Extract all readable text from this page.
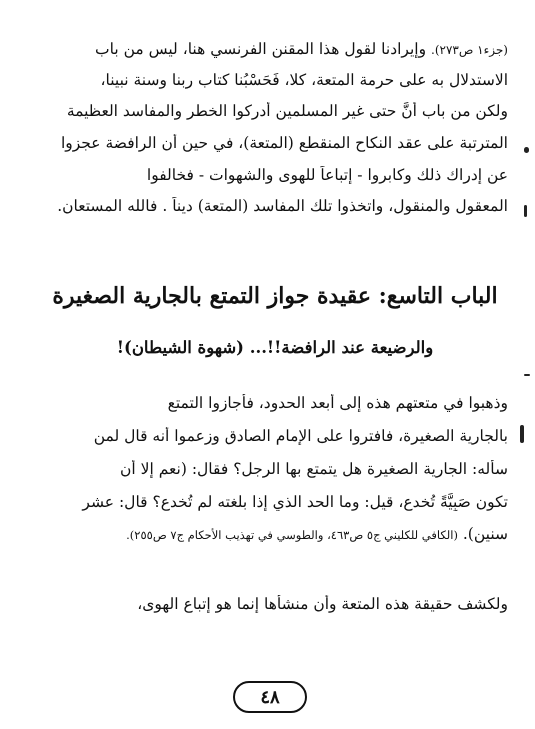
(جزء١ ص٢٧٣). وإيرادنا لقول هذا المقنن الفرنسي هنا، ليس من باب
الاستدلال به على حرمة المتعة، كلا، فَحَسْبُنا كتاب ربنا وسنة نبينا،
ولكن من باب أنَّ حتى غير المسلمين أدركوا الخطر والمفاسد العظيمة
المترتبة على عقد النكاح المنقطع (المتعة)، في حين أن الرافضة عجزوا
عن إدراك ذلك وكابروا - إتباعاً للهوى والشهوات - فخالفوا
المعقول والمنقول، واتخذوا تلك المفاسد (المتعة) ديناً . فالله المستعان.
الباب التاسع: عقيدة جواز التمتع بالجارية الصغيرة
والرضيعة عند الرافضة!!... (شهوة الشيطان)!
وذهبوا في متعتهم هذه إلى أبعد الحدود، فأجازوا التمتع
بالجارية الصغيرة، فافتروا على الإمام الصادق وزعموا أنه قال لمن
سأله: الجارية الصغيرة هل يتمتع بها الرجل؟ فقال: (نعم إلا أن
تكون صَبِيَّةً تُخدع، قيل: وما الحد الذي إذا بلغته لم تُخدع؟ قال: عشر
سنين). (الكافي للكليني ج٥ ص٤٦٣، والطوسي في تهذيب الأحكام ج٧ ص٢٥٥).
ولكشف حقيقة هذه المتعة وأن منشأها إنما هو إتباع الهوى،
٤٨
